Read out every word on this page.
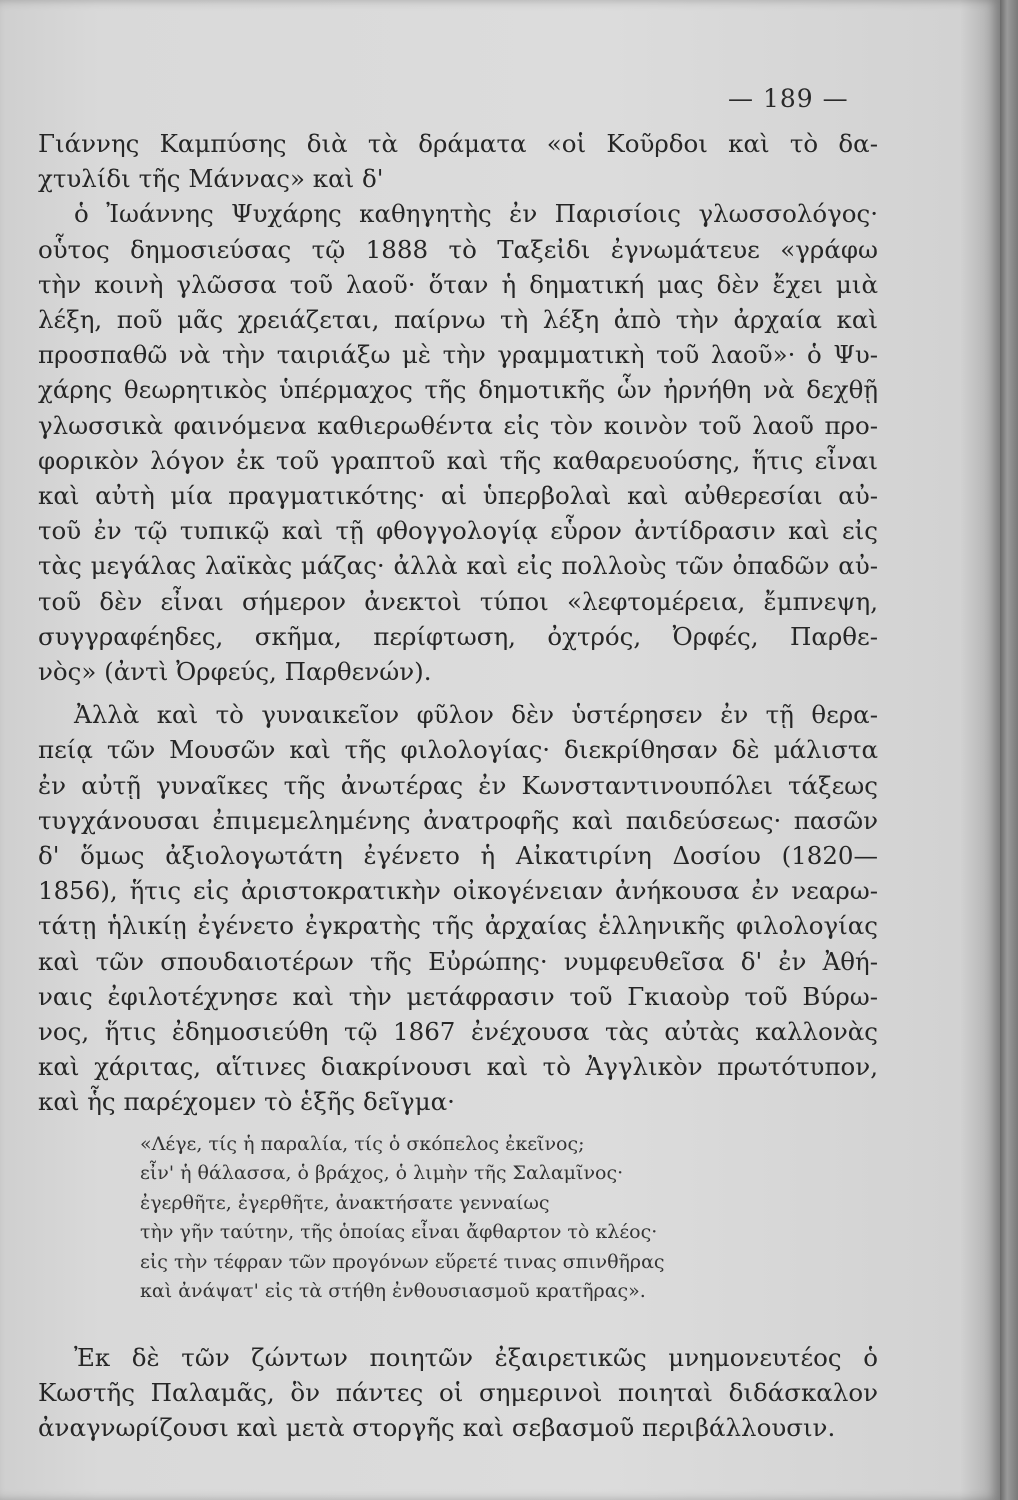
— 189 —
Γιάννης Καμπύσης διὰ τὰ δράματα «οἱ Κοῦρδοι καὶ τὸ δα-
χτυλίδι τῆς Μάννας» καὶ δ'
ὁ Ἰωάννης Ψυχάρης καθηγητὴς ἐν Παρισίοις γλωσσολόγος·
οὗτος δημοσιεύσας τῷ 1888 τὸ Ταξεἰδι ἐγνωμάτευε «γράφω
τὴν κοινὴ γλῶσσα τοῦ λαοῦ· ὅταν ἡ δηματική μας δὲν ἔχει μιὰ
λέξη, ποῦ μᾶς χρειάζεται, παίρνω τὴ λέξη ἀπὸ τὴν ἀρχαία καὶ
προσπαθῶ νὰ τὴν ταιριάξω μὲ τὴν γραμματικὴ τοῦ λαοῦ»· ὁ Ψυ-
χάρης θεωρητικὸς ὑπέρμαχος τῆς δημοτικῆς ὧν ἠρνήθη νὰ δεχθῇ
γλωσσικὰ φαινόμενα καθιερωθέντα εἰς τὸν κοινὸν τοῦ λαοῦ προ-
φορικὸν λόγον ἐκ τοῦ γραπτοῦ καὶ τῆς καθαρευούσης, ἥτις εἶναι
καὶ αὐτὴ μία πραγματικότης· αἱ ὑπερβολαὶ καὶ αὐθερεσίαι αὐ-
τοῦ ἐν τῷ τυπικῷ καὶ τῇ φθογγολογίᾳ εὗρον ἀντίδρασιν καὶ εἰς
τὰς μεγάλας λαϊκὰς μάζας· ἀλλὰ καὶ εἰς πολλοὺς τῶν ὀπαδῶν αὐ-
τοῦ δὲν εἶναι σήμερον ἀνεκτοὶ τύποι «λεφτομέρεια, ἔμπνεψη,
συγγραφέηδες, σκῆμα, περίφτωση, ὀχτρός, Ὀρφές, Παρθε-
νὸς» (ἀντὶ Ὀρφεύς, Παρθενών).
Ἀλλὰ καὶ τὸ γυναικεῖον φῦλον δὲν ὑστέρησεν ἐν τῇ θερα-
πείᾳ τῶν Μουσῶν καὶ τῆς φιλολογίας· διεκρίθησαν δὲ μάλιστα
ἐν αὐτῇ γυναῖκες τῆς ἀνωτέρας ἐν Κωνσταντινουπόλει τάξεως
τυγχάνουσαι ἐπιμεμελημένης ἀνατροφῆς καὶ παιδεύσεως· πασῶν
δ' ὅμως ἀξιολογωτάτη ἐγένετο ἡ Αἰκατιρίνη Δοσίου (1820—
1856), ἥτις εἰς ἀριστοκρατικὴν οἰκογένειαν ἀνήκουσα ἐν νεαρω-
τάτῃ ἡλικίῃ ἐγένετο ἐγκρατὴς τῆς ἀρχαίας ἑλληνικῆς φιλολογίας
καὶ τῶν σπουδαιοτέρων τῆς Εὐρώπης· νυμφευθεῖσα δ' ἐν Ἀθή-
ναις ἐφιλοτέχνησε καὶ τὴν μετάφρασιν τοῦ Γκιαοὺρ τοῦ Βύρω-
νος, ἥτις ἐδημοσιεύθη τῷ 1867 ἐνέχουσα τὰς αὐτὰς καλλονὰς
καὶ χάριτας, αἵτινες διακρίνουσι καὶ τὸ Ἀγγλικὸν πρωτότυπον,
καὶ ἧς παρέχομεν τὸ ἑξῆς δεῖγμα·
«Λέγε, τίς ἡ παραλία, τίς ὁ σκόπελος ἐκεῖνος;
εἶν' ἡ θάλασσα, ὁ βράχος, ὁ λιμὴν τῆς Σαλαμῖνος·
ἐγερθῆτε, ἐγερθῆτε, ἀνακτήσατε γενναίως
τὴν γῆν ταύτην, τῆς ὁποίας εἶναι ἄφθαρτον τὸ κλέος·
εἰς τὴν τέφραν τῶν προγόνων εὕρετέ τινας σπινθῆρας
καὶ ἀνάψατ' εἰς τὰ στήθη ἐνθουσιασμοῦ κρατῆρας».
Ἐκ δὲ τῶν ζώντων ποιητῶν ἐξαιρετικῶς μνημονευτέος ὁ
Κωστῆς Παλαμᾶς, ὃν πάντες οἱ σημερινοὶ ποιηταὶ διδάσκαλον
ἀναγνωρίζουσι καὶ μετὰ στοργῆς καὶ σεβασμοῦ περιβάλλουσιν.
